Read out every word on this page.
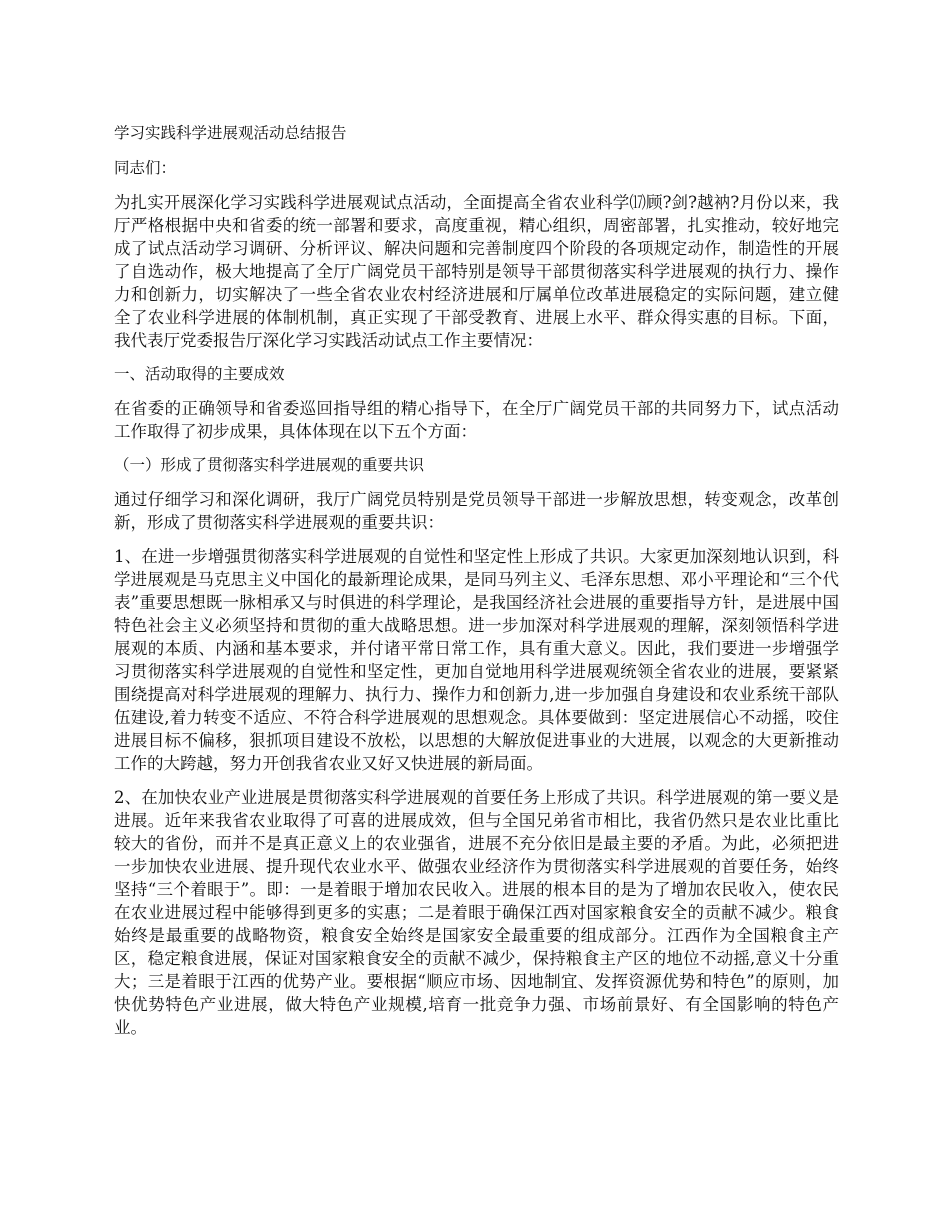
学习实践科学进展观活动总结报告

同志们：

为扎实开展深化学习实践科学进展观试点活动，全面提高全省农业科学⒄顾?剑?越衲?月份以来，我厅严格根据中央和省委的统一部署和要求，高度重视，精心组织，周密部署，扎实推动，较好地完成了试点活动学习调研、分析评议、解决问题和完善制度四个阶段的各项规定动作，制造性的开展了自选动作，极大地提高了全厅广阔党员干部特别是领导干部贯彻落实科学进展观的执行力、操作力和创新力，切实解决了一些全省农业农村经济进展和厅属单位改革进展稳定的实际问题，建立健全了农业科学进展的体制机制，真正实现了干部受教育、进展上水平、群众得实惠的目标。下面，我代表厅党委报告厅深化学习实践活动试点工作主要情况：

一、活动取得的主要成效

在省委的正确领导和省委巡回指导组的精心指导下，在全厅广阔党员干部的共同努力下，试点活动工作取得了初步成果，具体体现在以下五个方面：

（一）形成了贯彻落实科学进展观的重要共识

通过仔细学习和深化调研，我厅广阔党员特别是党员领导干部进一步解放思想，转变观念，改革创新，形成了贯彻落实科学进展观的重要共识：

1、在进一步增强贯彻落实科学进展观的自觉性和坚定性上形成了共识。大家更加深刻地认识到，科学进展观是马克思主义中国化的最新理论成果，是同马列主义、毛泽东思想、邓小平理论和“三个代表”重要思想既一脉相承又与时俱进的科学理论，是我国经济社会进展的重要指导方针，是进展中国特色社会主义必须坚持和贯彻的重大战略思想。进一步加深对科学进展观的理解，深刻领悟科学进展观的本质、内涵和基本要求，并付诸平常日常工作，具有重大意义。因此，我们要进一步增强学习贯彻落实科学进展观的自觉性和坚定性，更加自觉地用科学进展观统领全省农业的进展，要紧紧围绕提高对科学进展观的理解力、执行力、操作力和创新力,进一步加强自身建设和农业系统干部队伍建设,着力转变不适应、不符合科学进展观的思想观念。具体要做到：坚定进展信心不动摇，咬住进展目标不偏移，狠抓项目建设不放松，以思想的大解放促进事业的大进展，以观念的大更新推动工作的大跨越，努力开创我省农业又好又快进展的新局面。

2、在加快农业产业进展是贯彻落实科学进展观的首要任务上形成了共识。科学进展观的第一要义是进展。近年来我省农业取得了可喜的进展成效，但与全国兄弟省市相比，我省仍然只是农业比重比较大的省份，而并不是真正意义上的农业强省，进展不充分依旧是最主要的矛盾。为此，必须把进一步加快农业进展、提升现代农业水平、做强农业经济作为贯彻落实科学进展观的首要任务，始终坚持“三个着眼于”。即：一是着眼于增加农民收入。进展的根本目的是为了增加农民收入，使农民在农业进展过程中能够得到更多的实惠；二是着眼于确保江西对国家粮食安全的贡献不减少。粮食始终是最重要的战略物资，粮食安全始终是国家安全最重要的组成部分。江西作为全国粮食主产区，稳定粮食进展，保证对国家粮食安全的贡献不减少，保持粮食主产区的地位不动摇,意义十分重大；三是着眼于江西的优势产业。要根据“顺应市场、因地制宜、发挥资源优势和特色”的原则，加快优势特色产业进展，做大特色产业规模,培育一批竞争力强、市场前景好、有全国影响的特色产业。
